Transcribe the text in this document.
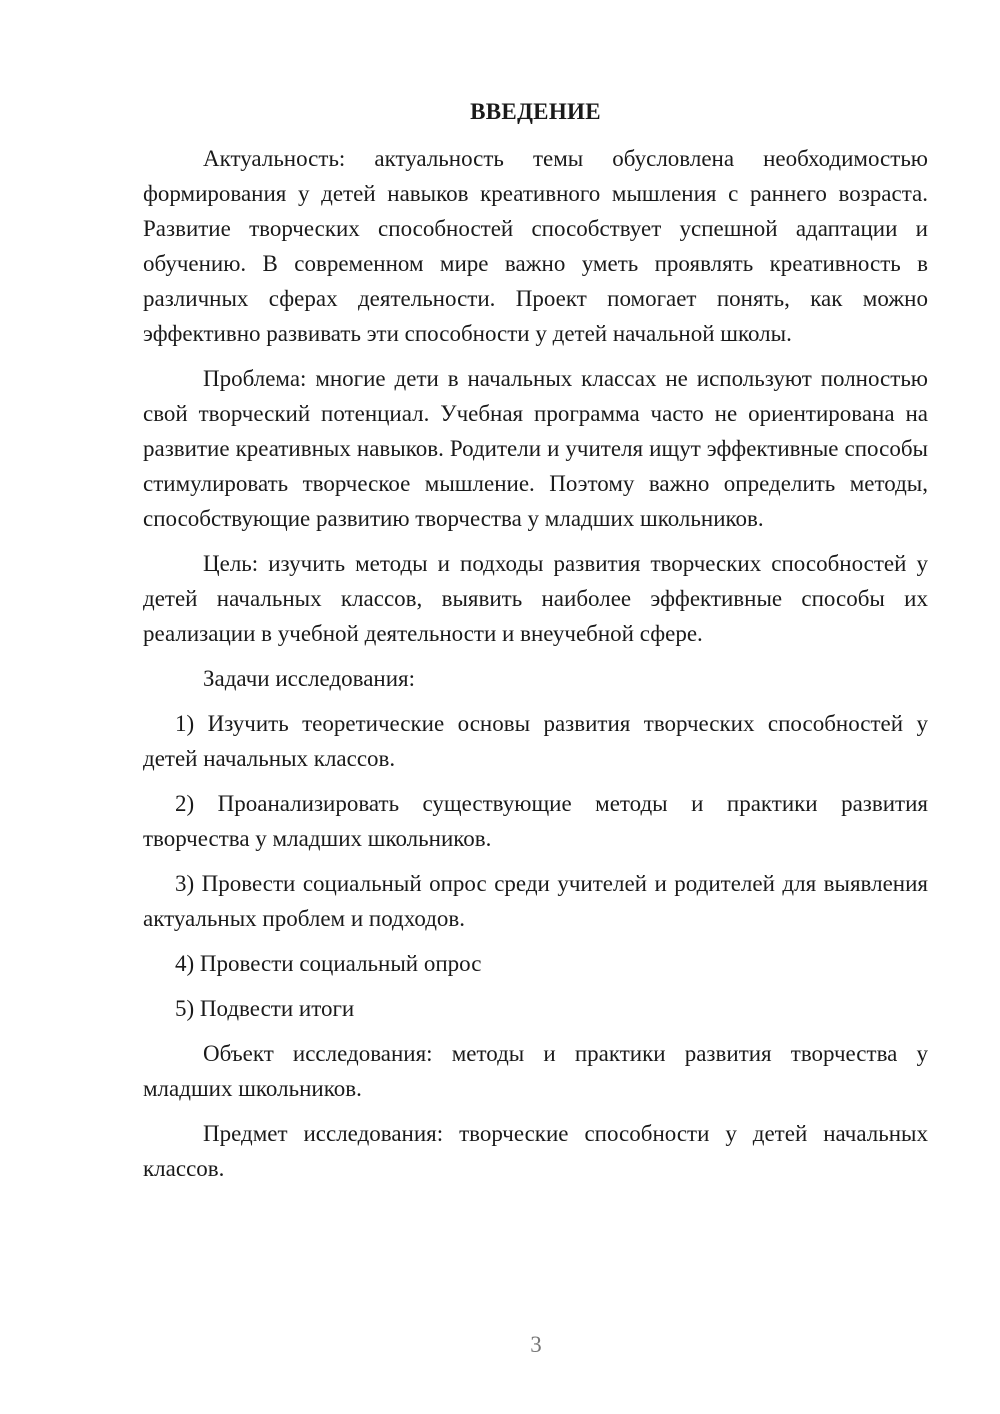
ВВЕДЕНИЕ

Актуальность: актуальность темы обусловлена необходимостью формирования у детей навыков креативного мышления с раннего возраста. Развитие творческих способностей способствует успешной адаптации и обучению. В современном мире важно уметь проявлять креативность в различных сферах деятельности. Проект помогает понять, как можно эффективно развивать эти способности у детей начальной школы.

Проблема: многие дети в начальных классах не используют полностью свой творческий потенциал. Учебная программа часто не ориентирована на развитие креативных навыков. Родители и учителя ищут эффективные способы стимулировать творческое мышление. Поэтому важно определить методы, способствующие развитию творчества у младших школьников.

Цель: изучить методы и подходы развития творческих способностей у детей начальных классов, выявить наиболее эффективные способы их реализации в учебной деятельности и внеучебной сфере.

Задачи исследования:

1) Изучить теоретические основы развития творческих способностей у детей начальных классов.

2) Проанализировать существующие методы и практики развития творчества у младших школьников.

3) Провести социальный опрос среди учителей и родителей для выявления актуальных проблем и подходов.

4) Провести социальный опрос

5) Подвести итоги

Объект исследования: методы и практики развития творчества у младших школьников.

Предмет исследования: творческие способности у детей начальных классов.

3
